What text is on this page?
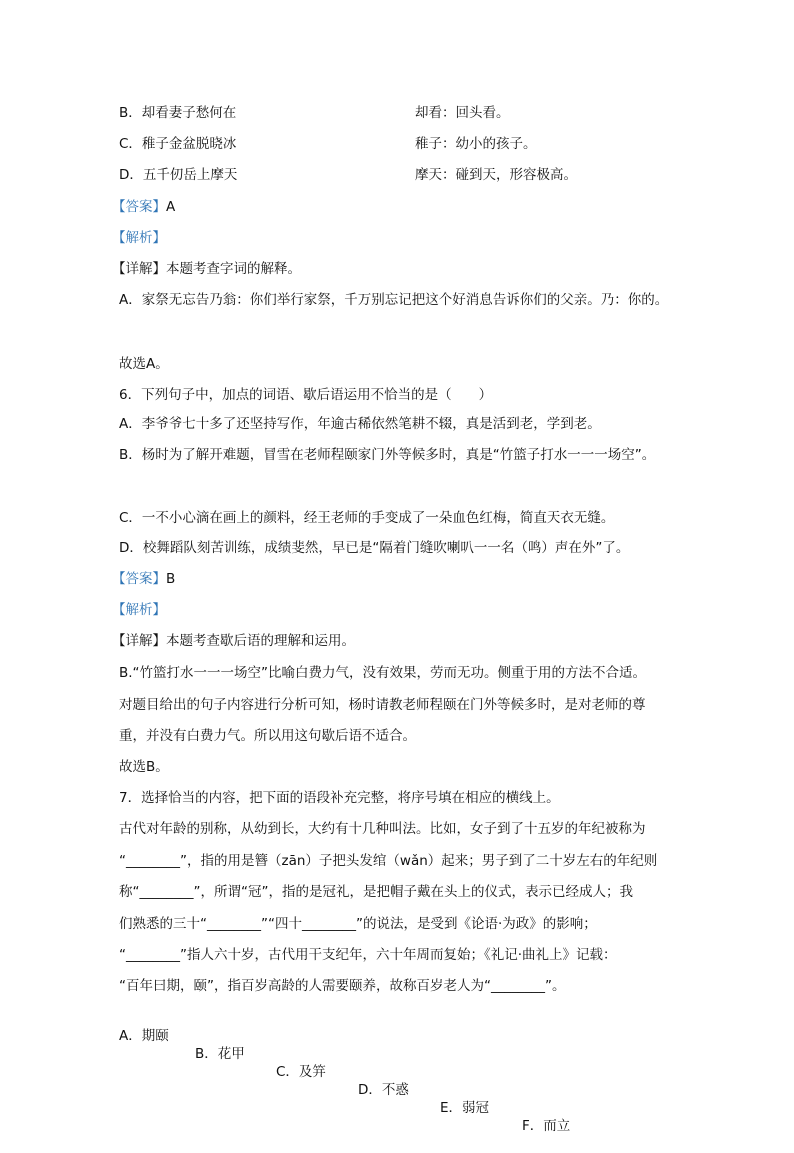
B．却看妻子愁何在	却看：回头看。
C．稚子金盆脱晓冰	稚子：幼小的孩子。
D．五千仞岳上摩天	摩天：碰到天，形容极高。
【答案】A
【解析】
【详解】本题考查字词的解释。
A．家祭无忘告乃翁：你们举行家祭，千万别忘记把这个好消息告诉你们的父亲。乃：你的。
故选A。
6．下列句子中，加点的词语、歇后语运用不恰当的是（　　）
A．李爷爷七十多了还坚持写作，年逾古稀依然笔耕不辍，真是活到老，学到老。
B．杨时为了解开难题，冒雪在老师程颐家门外等候多时，真是“竹篮子打水一一一场空”。
C．一不小心滴在画上的颜料，经王老师的手变成了一朵血色红梅，简直天衣无缝。
D．校舞蹈队刻苦训练，成绩斐然，早已是“隔着门缝吹喇叭一一名（鸣）声在外”了。
【答案】B
【解析】
【详解】本题考查歇后语的理解和运用。
B.“竹篮打水一一一场空”比喻白费力气，没有效果，劳而无功。侧重于用的方法不合适。
对题目给出的句子内容进行分析可知，杨时请教老师程颐在门外等候多时，是对老师的尊
重，并没有白费力气。所以用这句歇后语不适合。
故选B。
7．选择恰当的内容，把下面的语段补充完整，将序号填在相应的横线上。
古代对年龄的别称，从幼到长，大约有十几种叫法。比如，女子到了十五岁的年纪被称为
“________”，指的用是簪（zān）子把头发绾（wǎn）起来；男子到了二十岁左右的年纪则
称“________”，所谓“冠”，指的是冠礼，是把帽子戴在头上的仪式，表示已经成人；我
们熟悉的三十“________”“四十________”的说法，是受到《论语·为政》的影响；
“________”指人六十岁，古代用干支纪年，六十年周而复始；《礼记·曲礼上》记载：
“百年曰期，颐”，指百岁高龄的人需要颐养，故称百岁老人为“________”。

A．期颐

B．花甲

C．及笄

D．不惑

E．弱冠

F．而立
